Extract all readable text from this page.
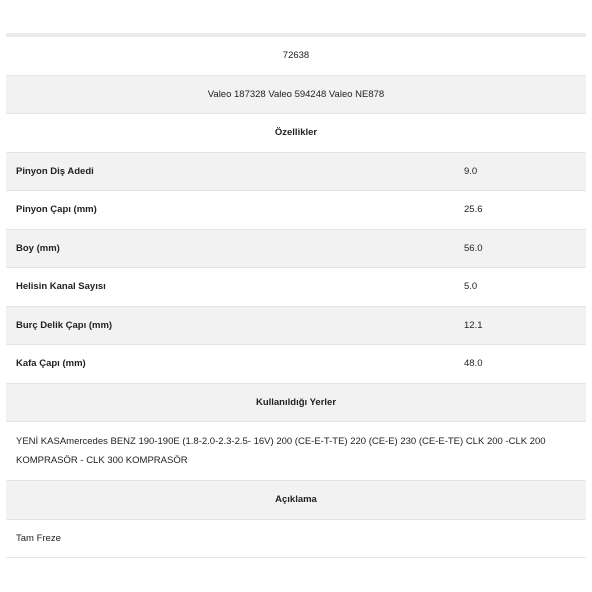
72638
Valeo 187328 Valeo 594248 Valeo NE878
Özellikler
Pinyon Diş Adedi	9.0
Pinyon Çapı (mm)	25.6
Boy (mm)	56.0
Helisin Kanal Sayısı	5.0
Burç Delik Çapı (mm)	12.1
Kafa Çapı (mm)	48.0
Kullanıldığı Yerler
YENİ KASAmercedes BENZ 190-190E (1.8-2.0-2.3-2.5- 16V) 200 (CE-E-T-TE) 220 (CE-E) 230 (CE-E-TE) CLK 200 -CLK 200 KOMPRASÖR - CLK 300 KOMPRASÖR
Açıklama
Tam Freze
